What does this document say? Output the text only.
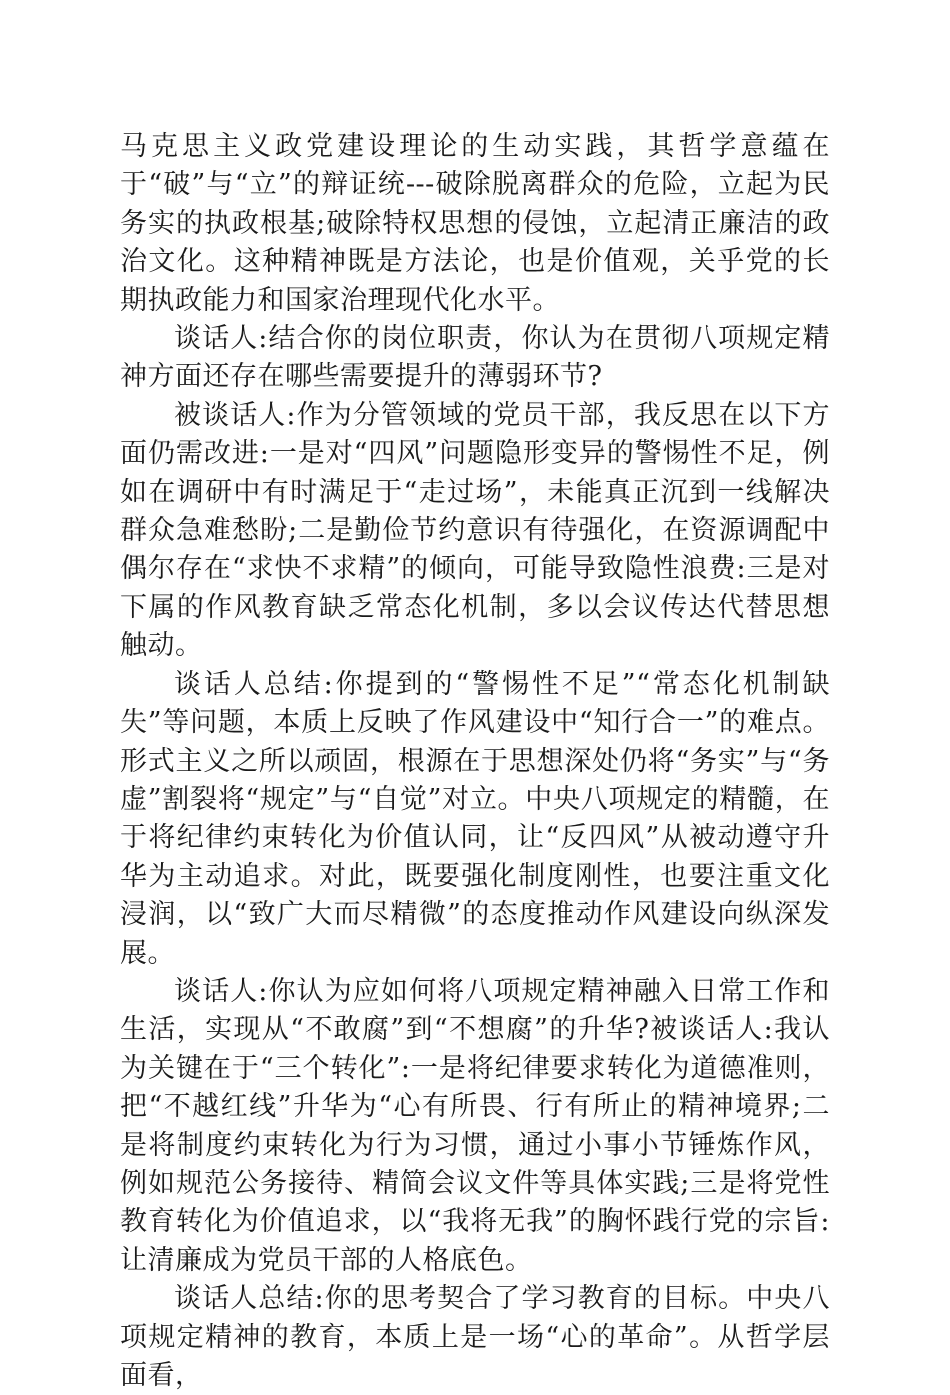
马克思主义政党建设理论的生动实践，其哲学意蕴在于“破”与“立”的辩证统---破除脱离群众的危险，立起为民务实的执政根基;破除特权思想的侵蚀，立起清正廉洁的政治文化。这种精神既是方法论，也是价值观，关乎党的长期执政能力和国家治理现代化水平。

谈话人:结合你的岗位职责，你认为在贯彻八项规定精神方面还存在哪些需要提升的薄弱环节?

被谈话人:作为分管领域的党员干部，我反思在以下方面仍需改进:一是对“四风”问题隐形变异的警惕性不足，例如在调研中有时满足于“走过场”，未能真正沉到一线解决群众急难愁盼;二是勤俭节约意识有待强化，在资源调配中偶尔存在“求快不求精”的倾向，可能导致隐性浪费:三是对下属的作风教育缺乏常态化机制，多以会议传达代替思想触动。

谈话人总结:你提到的“警惕性不足”“常态化机制缺失”等问题，本质上反映了作风建设中“知行合一”的难点。形式主义之所以顽固，根源在于思想深处仍将“务实”与“务虚”割裂将“规定”与“自觉”对立。中央八项规定的精髓，在于将纪律约束转化为价值认同，让“反四风”从被动遵守升华为主动追求。对此，既要强化制度刚性，也要注重文化浸润，以“致广大而尽精微”的态度推动作风建设向纵深发展。

谈话人:你认为应如何将八项规定精神融入日常工作和生活，实现从“不敢腐”到“不想腐”的升华?被谈话人:我认为关键在于“三个转化”:一是将纪律要求转化为道德准则，把“不越红线”升华为“心有所畏、行有所止的精神境界;二是将制度约束转化为行为习惯，通过小事小节锤炼作风，例如规范公务接待、精简会议文件等具体实践;三是将党性教育转化为价值追求，以“我将无我”的胸怀践行党的宗旨:让清廉成为党员干部的人格底色。

谈话人总结:你的思考契合了学习教育的目标。中央八项规定精神的教育，本质上是一场“心的革命”。从哲学层面看，
